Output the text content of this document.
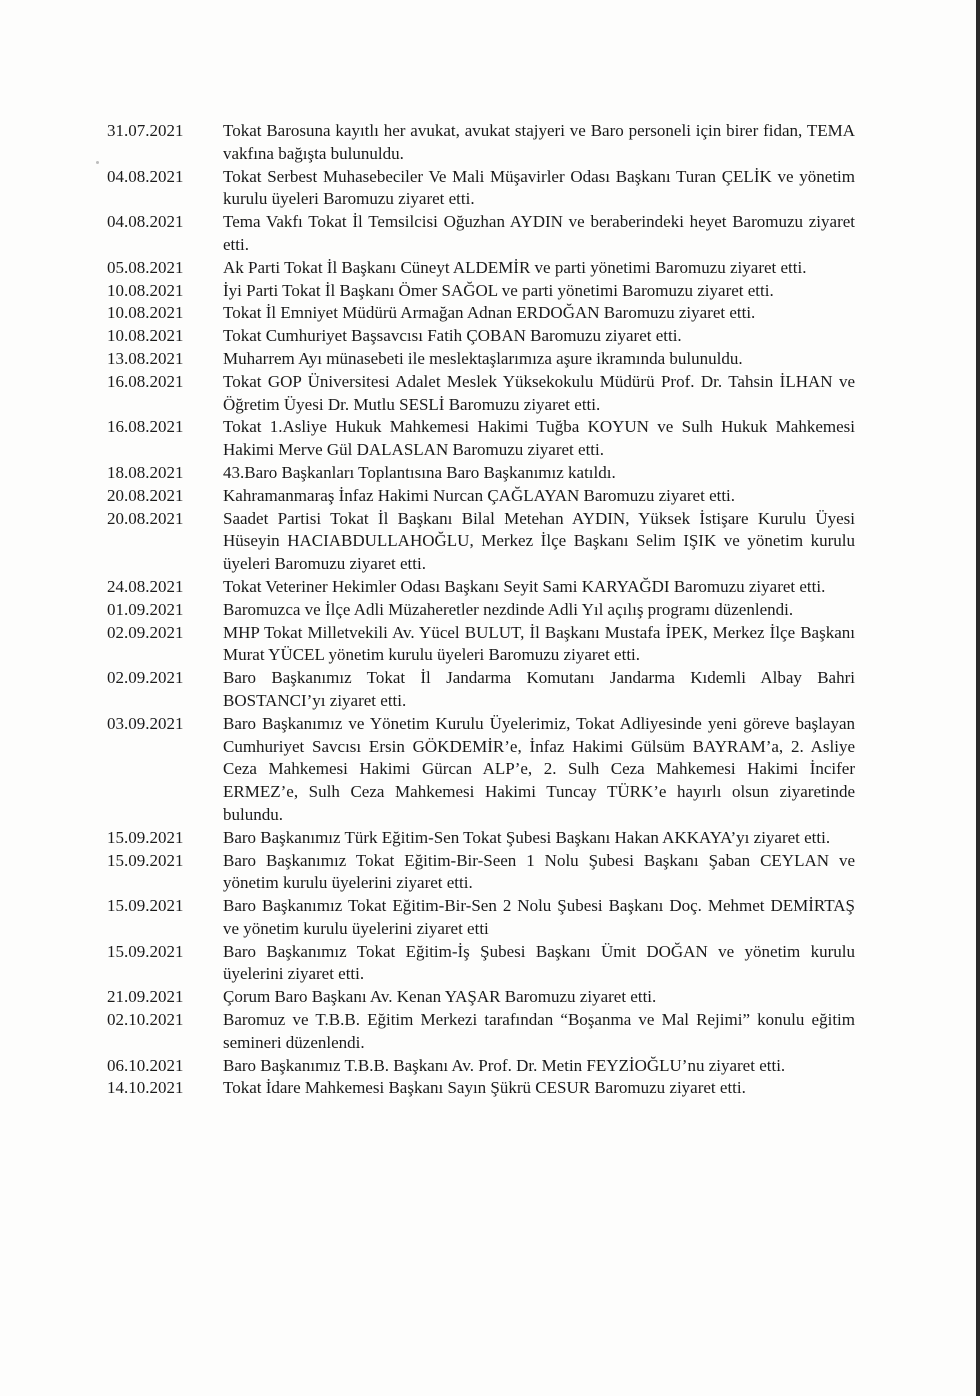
31.07.2021	Tokat Barosuna kayıtlı her avukat, avukat stajyeri ve Baro personeli için birer fidan, TEMA vakfına bağışta bulunuldu.
04.08.2021	Tokat Serbest Muhasebeciler Ve Mali Müşavirler Odası Başkanı Turan ÇELİK ve yönetim kurulu üyeleri Baromuzu ziyaret etti.
04.08.2021	Tema Vakfı Tokat İl Temsilcisi Oğuzhan AYDIN ve beraberindeki heyet Baromuzu ziyaret etti.
05.08.2021	Ak Parti Tokat İl Başkanı Cüneyt ALDEMİR ve parti yönetimi Baromuzu ziyaret etti.
10.08.2021	İyi Parti Tokat İl Başkanı Ömer SAĞOL ve parti yönetimi Baromuzu ziyaret etti.
10.08.2021	Tokat İl Emniyet Müdürü Armağan Adnan ERDOĞAN Baromuzu ziyaret etti.
10.08.2021	Tokat Cumhuriyet Başsavcısı Fatih ÇOBAN Baromuzu ziyaret etti.
13.08.2021	Muharrem Ayı münasebeti ile meslektaşlarımıza aşure ikramında bulunuldu.
16.08.2021	Tokat GOP Üniversitesi Adalet Meslek Yüksekokulu Müdürü Prof. Dr. Tahsin İLHAN ve Öğretim Üyesi Dr. Mutlu SESLİ Baromuzu ziyaret etti.
16.08.2021	Tokat 1.Asliye Hukuk Mahkemesi Hakimi Tuğba KOYUN ve Sulh Hukuk Mahkemesi Hakimi Merve Gül DALASLAN Baromuzu ziyaret etti.
18.08.2021	43.Baro Başkanları Toplantısına Baro Başkanımız katıldı.
20.08.2021	Kahramanmaraş İnfaz Hakimi Nurcan ÇAĞLAYAN Baromuzu ziyaret etti.
20.08.2021	Saadet Partisi Tokat İl Başkanı Bilal Metehan AYDIN, Yüksek İstişare Kurulu Üyesi Hüseyin HACIABDULLAHOĞLU, Merkez İlçe Başkanı Selim IŞIK ve yönetim kurulu üyeleri Baromuzu ziyaret etti.
24.08.2021	Tokat Veteriner Hekimler Odası Başkanı Seyit Sami KARYAĞDI Baromuzu ziyaret etti.
01.09.2021	Baromuzca ve İlçe Adli Müzaheretler nezdinde Adli Yıl açılış programı düzenlendi.
02.09.2021	MHP Tokat Milletvekili Av. Yücel BULUT, İl Başkanı Mustafa İPEK, Merkez İlçe Başkanı Murat YÜCEL yönetim kurulu üyeleri Baromuzu ziyaret etti.
02.09.2021	Baro Başkanımız Tokat İl Jandarma Komutanı Jandarma Kıdemli Albay Bahri BOSTANCI’yı ziyaret etti.
03.09.2021	Baro Başkanımız ve Yönetim Kurulu Üyelerimiz, Tokat Adliyesinde yeni göreve başlayan Cumhuriyet Savcısı Ersin GÖKDEMİR’e, İnfaz Hakimi Gülsüm BAYRAM’a, 2. Asliye Ceza Mahkemesi Hakimi Gürcan ALP’e, 2. Sulh Ceza Mahkemesi Hakimi İncifer ERMEZ’e, Sulh Ceza Mahkemesi Hakimi Tuncay TÜRK’e hayırlı olsun ziyaretinde bulundu.
15.09.2021	Baro Başkanımız Türk Eğitim-Sen Tokat Şubesi Başkanı Hakan AKKAYA’yı ziyaret etti.
15.09.2021	Baro Başkanımız Tokat Eğitim-Bir-Seen 1 Nolu Şubesi Başkanı Şaban CEYLAN ve yönetim kurulu üyelerini ziyaret etti.
15.09.2021	Baro Başkanımız Tokat Eğitim-Bir-Sen 2 Nolu Şubesi Başkanı Doç. Mehmet DEMİRTAŞ ve yönetim kurulu üyelerini ziyaret etti
15.09.2021	Baro Başkanımız Tokat Eğitim-İş Şubesi Başkanı Ümit DOĞAN ve yönetim kurulu üyelerini ziyaret etti.
21.09.2021	Çorum Baro Başkanı Av. Kenan YAŞAR Baromuzu ziyaret etti.
02.10.2021	Baromuz ve T.B.B. Eğitim Merkezi tarafından “Boşanma ve Mal Rejimi” konulu eğitim semineri düzenlendi.
06.10.2021	Baro Başkanımız T.B.B. Başkanı Av. Prof. Dr. Metin FEYZİOĞLU’nu ziyaret etti.
14.10.2021	Tokat İdare Mahkemesi Başkanı Sayın Şükrü CESUR Baromuzu ziyaret etti.
